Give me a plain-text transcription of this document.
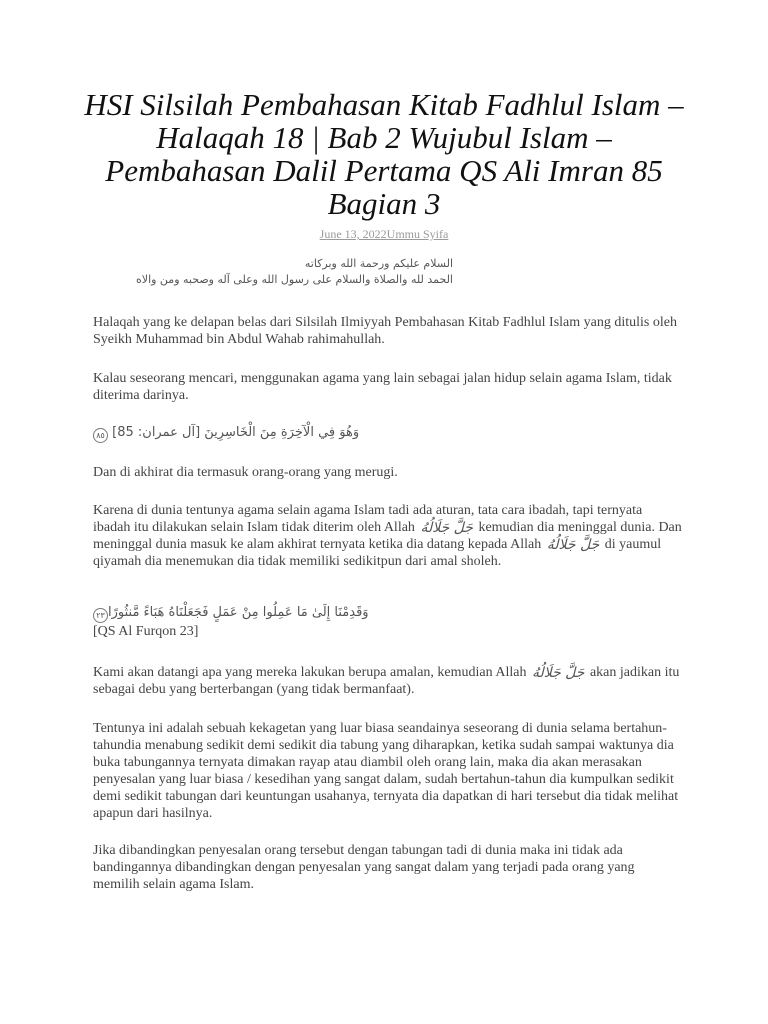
HSI Silsilah Pembahasan Kitab Fadhlul Islam – Halaqah 18 | Bab 2 Wujubul Islam – Pembahasan Dalil Pertama QS Ali Imran 85 Bagian 3
June 13, 2022Ummu Syifa
السلام عليكم ورحمة الله وبركاته
الحمد لله والصلاة والسلام على رسول الله وعلى آله وصحبه ومن والاه

Halaqah yang ke delapan belas dari Silsilah Ilmiyyah Pembahasan Kitab Fadhlul Islam yang ditulis oleh Syeikh Muhammad bin Abdul Wahab rahimahullah.

Kalau seseorang mencari, menggunakan agama yang lain sebagai jalan hidup selain agama Islam, tidak diterima darinya.

٨٥ وَهُوَ فِي الْآخِرَةِ مِنَ الْخَاسِرِينَ [آل عمران: 85]

Dan di akhirat dia termasuk orang-orang yang merugi.

Karena di dunia tentunya agama selain agama Islam tadi ada aturan, tata cara ibadah, tapi ternyata ibadah itu dilakukan selain Islam tidak diterim oleh Allah جَلَّ جَلَالُهُ kemudian dia meninggal dunia. Dan meninggal dunia masuk ke alam akhirat ternyata ketika dia datang kepada Allah جَلَّ جَلَالُهُ di yaumul qiyamah dia menemukan dia tidak memiliki sedikitpun dari amal sholeh.

وَقَدِمْنَا إِلَىٰ مَا عَمِلُوا مِنْ عَمَلٍ فَجَعَلْنَاهُ هَبَاءً مَّنثُورًا٢٣
[QS Al Furqon 23]

Kami akan datangi apa yang mereka lakukan berupa amalan, kemudian Allah جَلَّ جَلَالُهُ akan jadikan itu sebagai debu yang berterbangan (yang tidak bermanfaat).

Tentunya ini adalah sebuah kekagetan yang luar biasa seandainya seseorang di dunia selama bertahun-tahundia menabung sedikit demi sedikit dia tabung yang diharapkan, ketika sudah sampai waktunya dia buka tabungannya ternyata dimakan rayap atau diambil oleh orang lain, maka dia akan merasakan penyesalan yang luar biasa / kesedihan yang sangat dalam, sudah bertahun-tahun dia kumpulkan sedikit demi sedikit tabungan dari keuntungan usahanya, ternyata dia dapatkan di hari tersebut dia tidak melihat apapun dari hasilnya.

Jika dibandingkan penyesalan orang tersebut dengan tabungan tadi di dunia maka ini tidak ada bandingannya dibandingkan dengan penyesalan yang sangat dalam yang terjadi pada orang yang memilih selain agama Islam.
